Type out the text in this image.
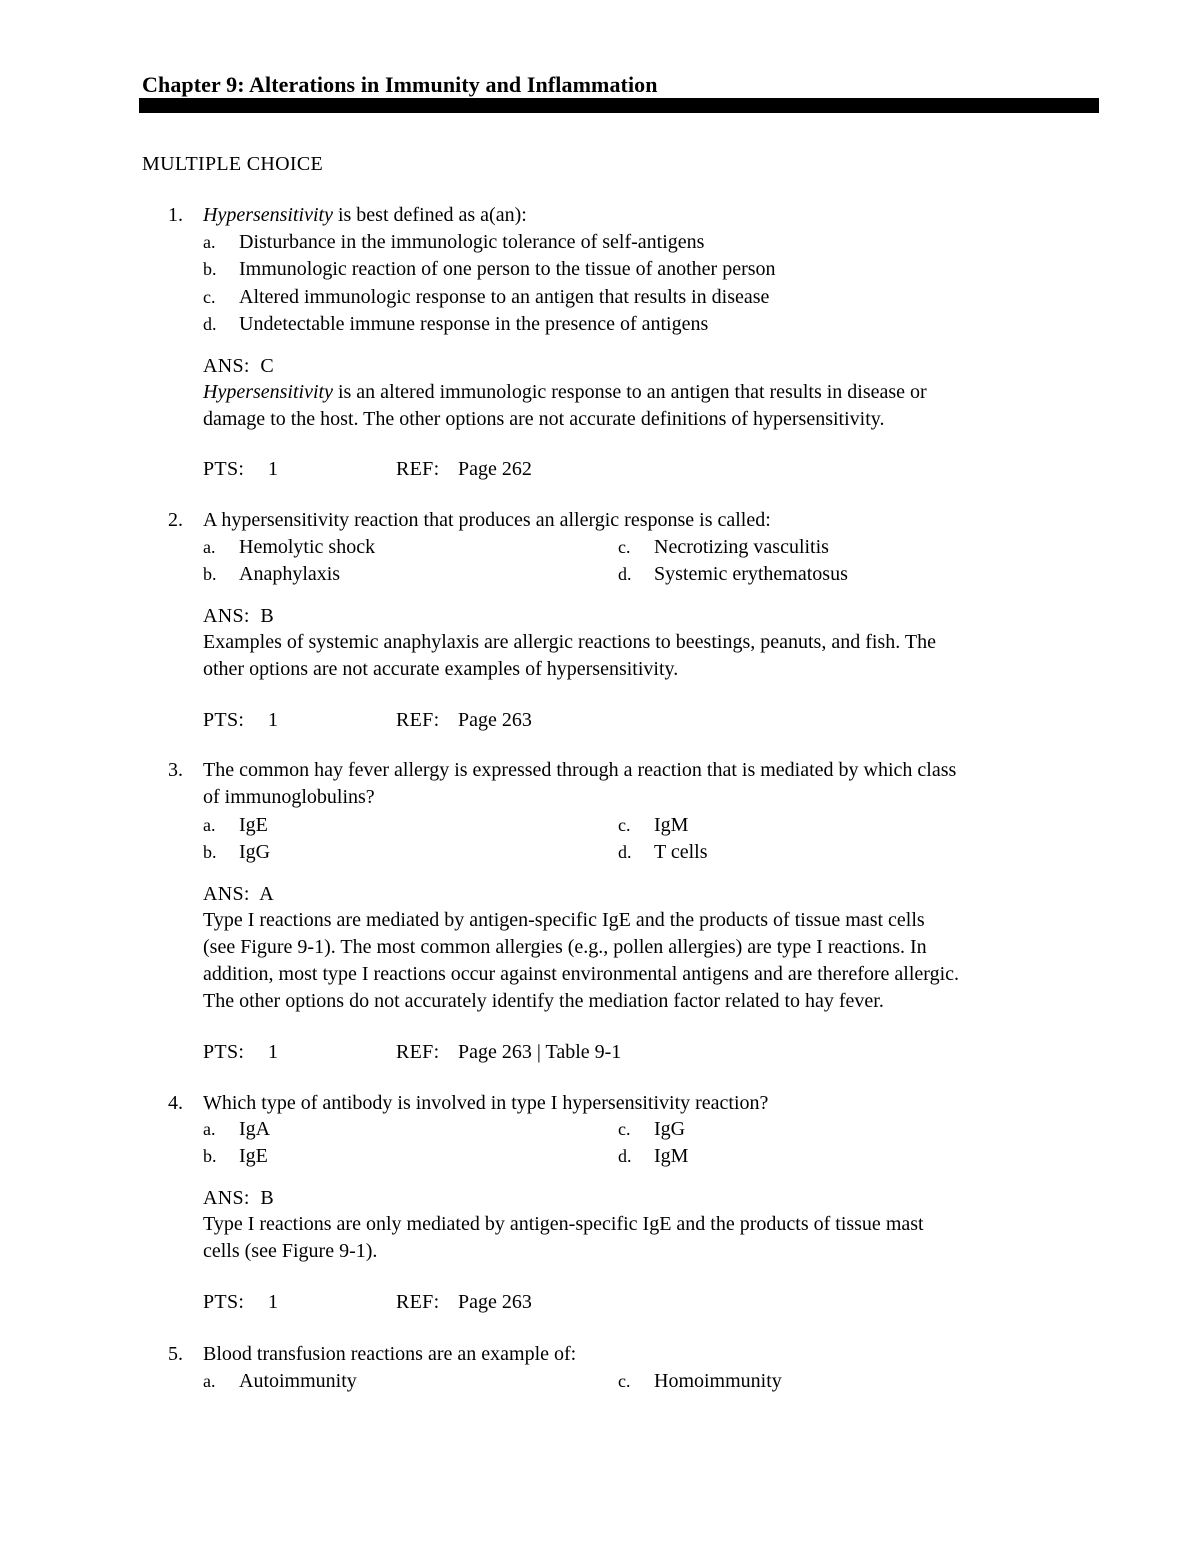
Chapter 9: Alterations in Immunity and Inflammation
MULTIPLE CHOICE
1. Hypersensitivity is best defined as a(an):
a.	Disturbance in the immunologic tolerance of self-antigens
b.	Immunologic reaction of one person to the tissue of another person
c.	Altered immunologic response to an antigen that results in disease
d.	Undetectable immune response in the presence of antigens
ANS: C
Hypersensitivity is an altered immunologic response to an antigen that results in disease or
damage to the host. The other options are not accurate definitions of hypersensitivity.
PTS: 1	REF: Page 262
2. A hypersensitivity reaction that produces an allergic response is called:
a.	Hemolytic shock
b.	Anaphylaxis
c.	Necrotizing vasculitis
d.	Systemic erythematosus
ANS: B
Examples of systemic anaphylaxis are allergic reactions to beestings, peanuts, and fish. The
other options are not accurate examples of hypersensitivity.
PTS: 1	REF: Page 263
3. The common hay fever allergy is expressed through a reaction that is mediated by which class
of immunoglobulins?
a.	IgE
b.	IgG
c.	IgM
d.	T cells
ANS: A
Type I reactions are mediated by antigen-specific IgE and the products of tissue mast cells
(see Figure 9-1). The most common allergies (e.g., pollen allergies) are type I reactions. In
addition, most type I reactions occur against environmental antigens and are therefore allergic.
The other options do not accurately identify the mediation factor related to hay fever.
PTS: 1	REF: Page 263 | Table 9-1
4. Which type of antibody is involved in type I hypersensitivity reaction?
a.	IgA
b.	IgE
c.	IgG
d.	IgM
ANS: B
Type I reactions are only mediated by antigen-specific IgE and the products of tissue mast
cells (see Figure 9-1).
PTS: 1	REF: Page 263
5. Blood transfusion reactions are an example of:
a.	Autoimmunity	c.	Homoimmunity
